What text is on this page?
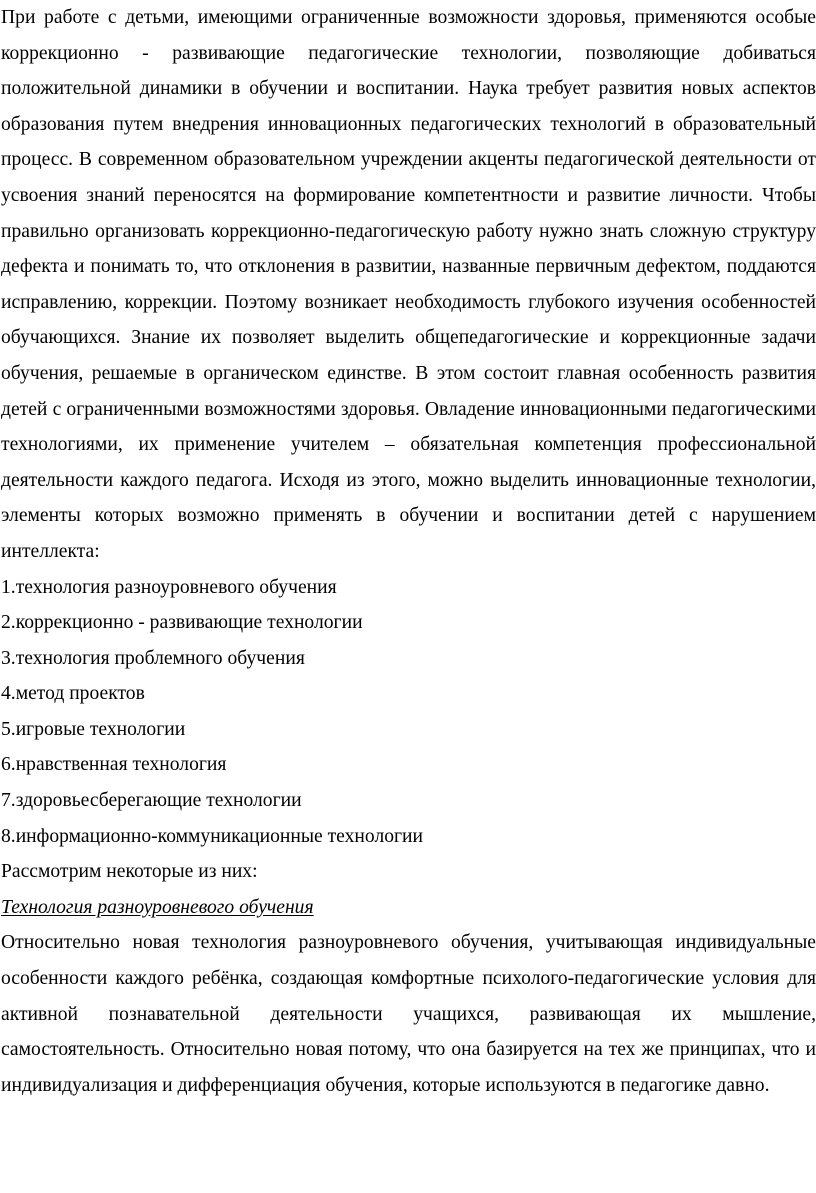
При работе с детьми, имеющими ограниченные возможности здоровья, применяются особые коррекционно - развивающие педагогические технологии, позволяющие добиваться положительной динамики в обучении и воспитании. Наука требует развития новых аспектов образования путем внедрения инновационных педагогических технологий в образовательный процесс. В современном образовательном учреждении акценты педагогической деятельности от усвоения знаний переносятся на формирование компетентности и развитие личности. Чтобы правильно организовать коррекционно-педагогическую работу нужно знать сложную структуру дефекта и понимать то, что отклонения в развитии, названные первичным дефектом, поддаются исправлению, коррекции. Поэтому возникает необходимость глубокого изучения особенностей обучающихся. Знание их позволяет выделить общепедагогические и коррекционные задачи обучения, решаемые в органическом единстве. В этом состоит главная особенность развития детей с ограниченными возможностями здоровья. Овладение инновационными педагогическими технологиями, их применение учителем – обязательная компетенция профессиональной деятельности каждого педагога. Исходя из этого, можно выделить инновационные технологии, элементы которых возможно применять в обучении и воспитании детей с нарушением интеллекта:

1.технология разноуровневого обучения
2.коррекционно - развивающие технологии
3.технология проблемного обучения
4.метод проектов
5.игровые технологии
6.нравственная технология
7.здоровьесберегающие технологии
8.информационно-коммуникационные технологии

Рассмотрим некоторые из них:

Технология разноуровневого обучения

Относительно новая технология разноуровневого обучения, учитывающая индивидуальные особенности каждого ребёнка, создающая комфортные психолого-педагогические условия для активной познавательной деятельности учащихся, развивающая их мышление, самостоятельность. Относительно новая потому, что она базируется на тех же принципах, что и индивидуализация и дифференциация обучения, которые используются в педагогике давно.
